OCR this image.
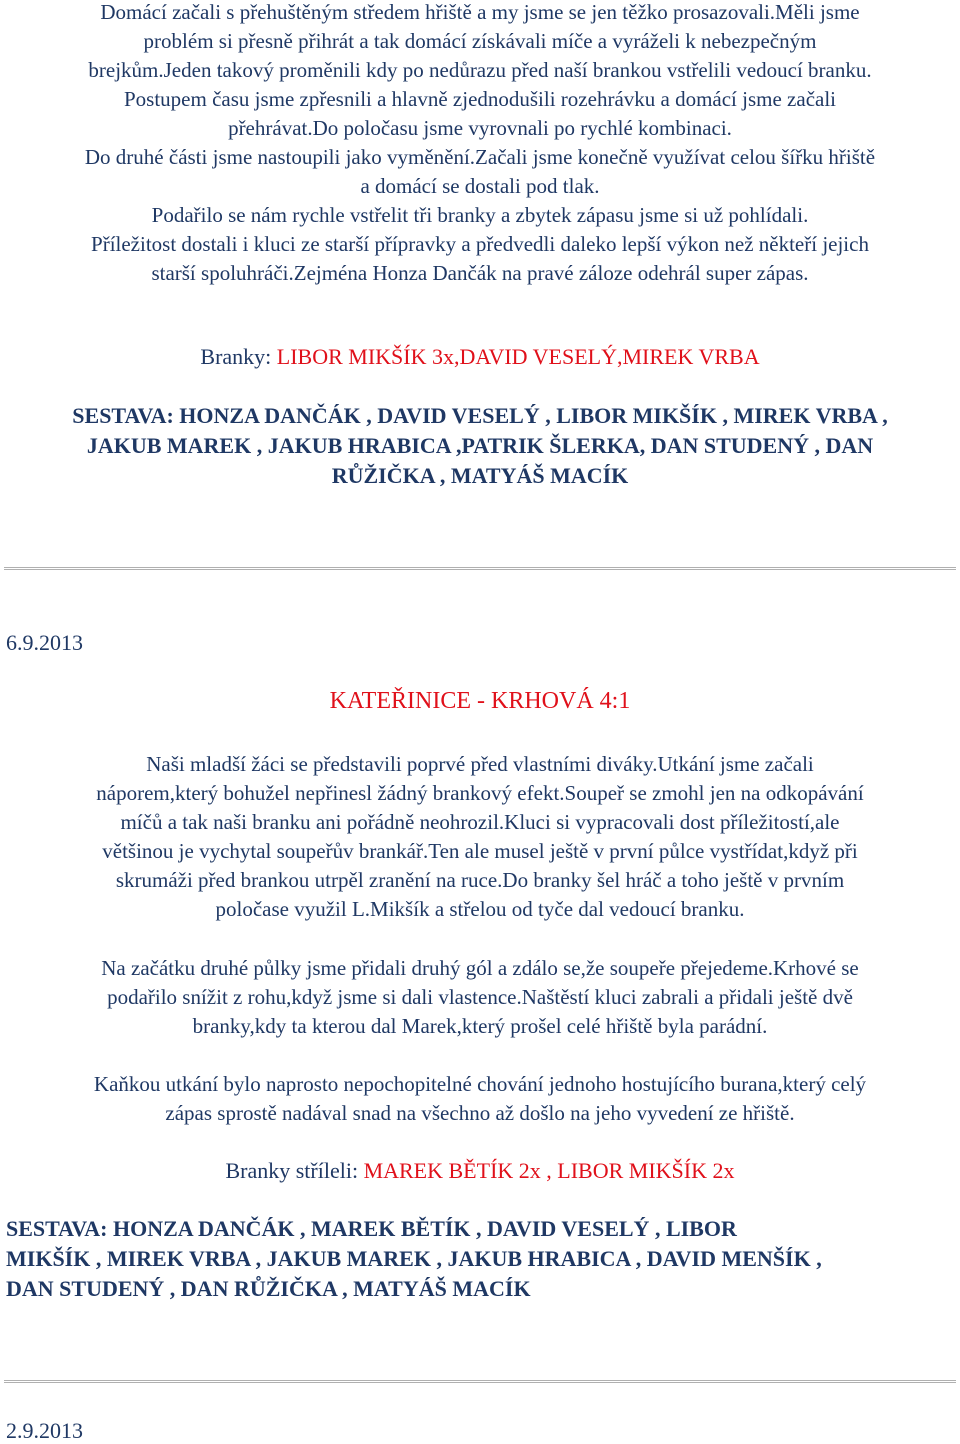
Domácí začali s přehuštěným středem hřiště a my jsme se jen těžko prosazovali.Měli jsme

problém si přesně přihrát a tak domácí získávali míče a vyráželi k nebezpečným

brejkům.Jeden takový proměnili kdy po nedůrazu před naší brankou vstřelili vedoucí branku.

Postupem času jsme zpřesnili a hlavně zjednodušili rozehrávku a domácí jsme začali

přehrávat.Do poločasu jsme vyrovnali po rychlé kombinaci.

Do druhé části jsme nastoupili jako vyměnění.Začali jsme konečně využívat celou šířku hřiště

a domácí se dostali pod tlak.

Podařilo se nám rychle vstřelit tři branky a zbytek zápasu jsme si už pohlídali.

Příležitost dostali i kluci ze starší přípravky a předvedli daleko lepší výkon než někteří jejich

starší spoluhráči.Zejména Honza Dančák na pravé záloze odehrál super zápas.

Branky: LIBOR MIKŠÍK 3x,DAVID VESELÝ,MIREK VRBA

SESTAVA: HONZA DANČÁK , DAVID VESELÝ , LIBOR MIKŠÍK , MIREK VRBA ,

JAKUB MAREK , JAKUB HRABICA ,PATRIK ŠLERKA, DAN STUDENÝ , DAN

RŮŽIČKA , MATYÁŠ MACÍK

6.9.2013

KATEŘINICE - KRHOVÁ 4:1

Naši mladší žáci se představili poprvé před vlastními diváky.Utkání jsme začali

náporem,který bohužel nepřinesl žádný brankový efekt.Soupeř se zmohl jen na odkopávání

míčů a tak naši branku ani pořádně neohrozil.Kluci si vypracovali dost příležitostí,ale

většinou je vychytal soupeřův brankář.Ten ale musel ještě v první půlce vystřídat,když při

skrumáži před brankou utrpěl zranění na ruce.Do branky šel hráč a toho ještě v prvním

poločase využil L.Mikšík a střelou od tyče dal vedoucí branku.

Na začátku druhé půlky jsme přidali druhý gól a zdálo se,že soupeře přejedeme.Krhové se

podařilo snížit z rohu,když jsme si dali vlastence.Naštěstí kluci zabrali a přidali ještě dvě

branky,kdy ta kterou dal Marek,který prošel celé hřiště byla parádní.

Kaňkou utkání bylo naprosto nepochopitelné chování jednoho hostujícího burana,který celý

zápas sprostě nadával snad na všechno až došlo na jeho vyvedení ze hřiště.

Branky stříleli: MAREK BĚTÍK 2x , LIBOR MIKŠÍK 2x

SESTAVA: HONZA DANČÁK , MAREK BĚTÍK , DAVID VESELÝ , LIBOR

MIKŠÍK , MIREK VRBA , JAKUB MAREK , JAKUB HRABICA , DAVID MENŠÍK ,

DAN STUDENÝ , DAN RŮŽIČKA , MATYÁŠ MACÍK

2.9.2013
